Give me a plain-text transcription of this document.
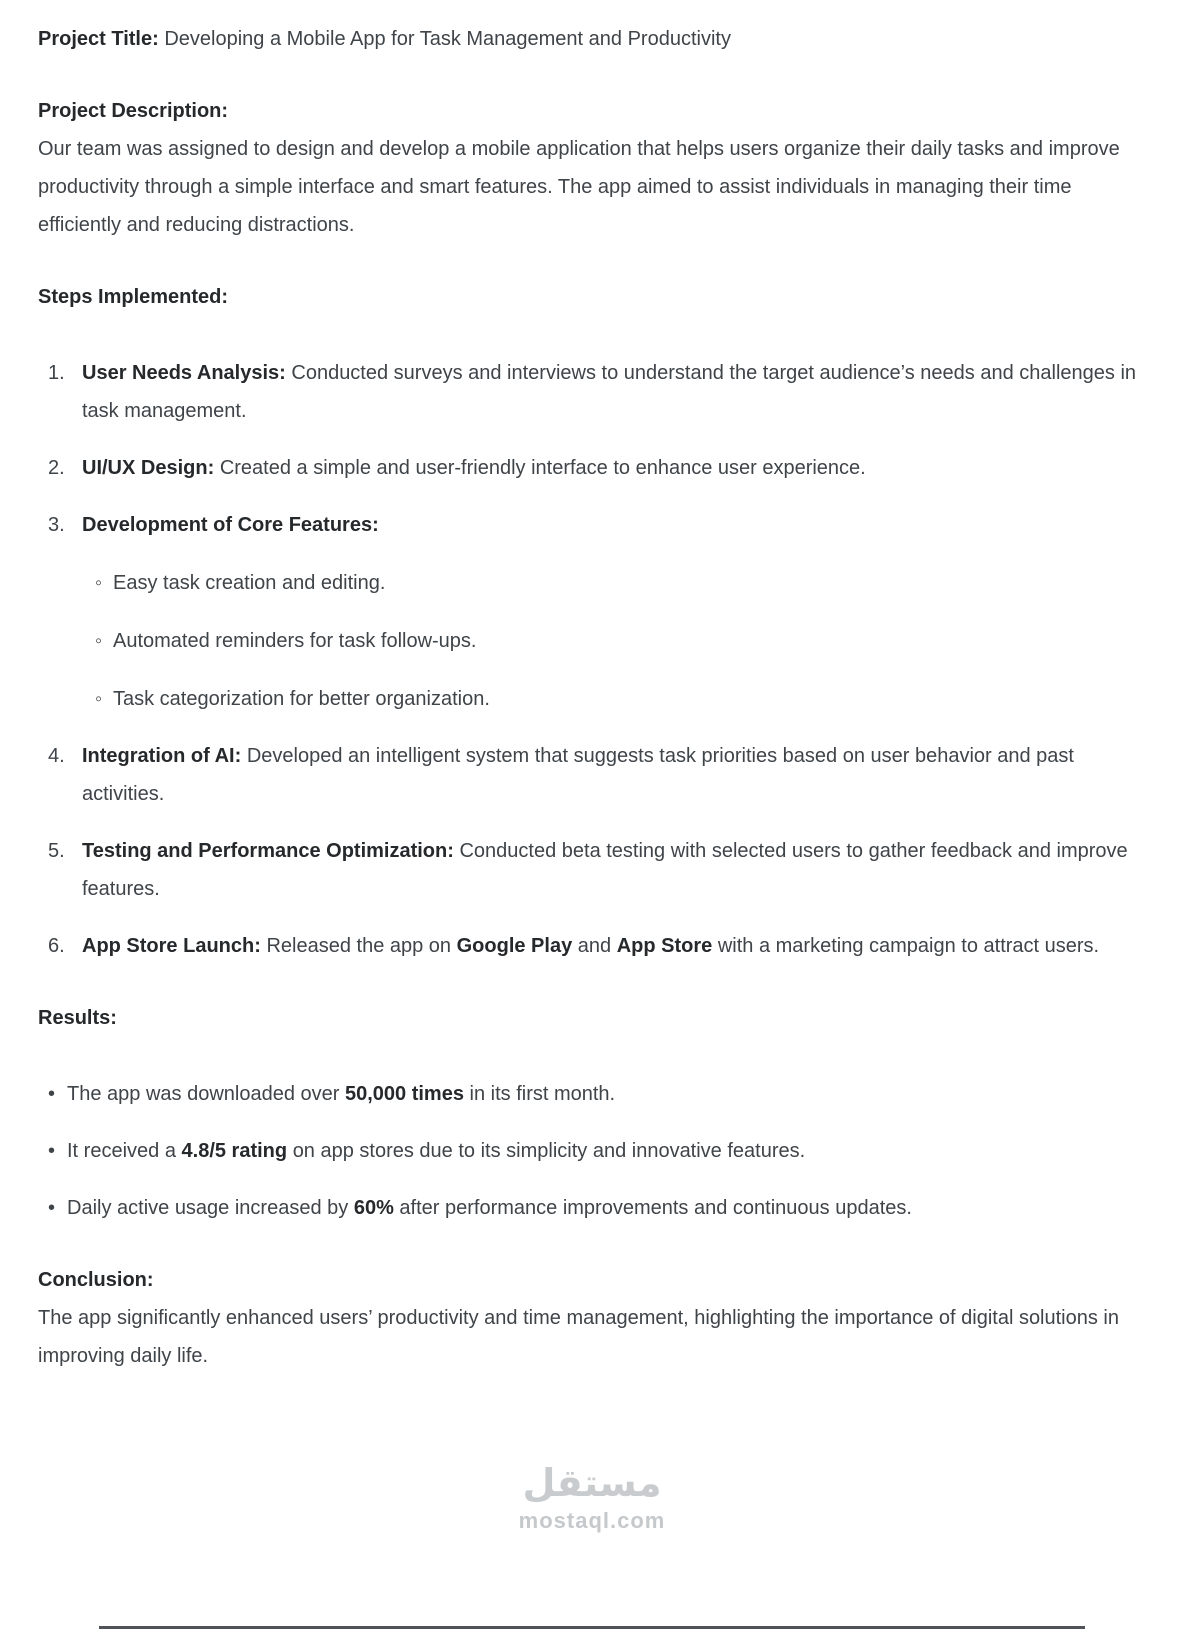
Project Title: Developing a Mobile App for Task Management and Productivity

Project Description:

Our team was assigned to design and develop a mobile application that helps users organize their daily tasks and improve productivity through a simple interface and smart features. The app aimed to assist individuals in managing their time efficiently and reducing distractions.

Steps Implemented:
1. User Needs Analysis: Conducted surveys and interviews to understand the target audience’s needs and challenges in task management.
2. UI/UX Design: Created a simple and user-friendly interface to enhance user experience.
3. Development of Core Features:
◦ Easy task creation and editing.
◦ Automated reminders for task follow-ups.
◦ Task categorization for better organization.
4. Integration of AI: Developed an intelligent system that suggests task priorities based on user behavior and past activities.
5. Testing and Performance Optimization: Conducted beta testing with selected users to gather feedback and improve features.
6. App Store Launch: Released the app on Google Play and App Store with a marketing campaign to attract users.
Results:
• The app was downloaded over 50,000 times in its first month.
• It received a 4.8/5 rating on app stores due to its simplicity and innovative features.
• Daily active usage increased by 60% after performance improvements and continuous updates.
Conclusion:

The app significantly enhanced users’ productivity and time management, highlighting the importance of digital solutions in improving daily life.

مستقل
mostaql.com
